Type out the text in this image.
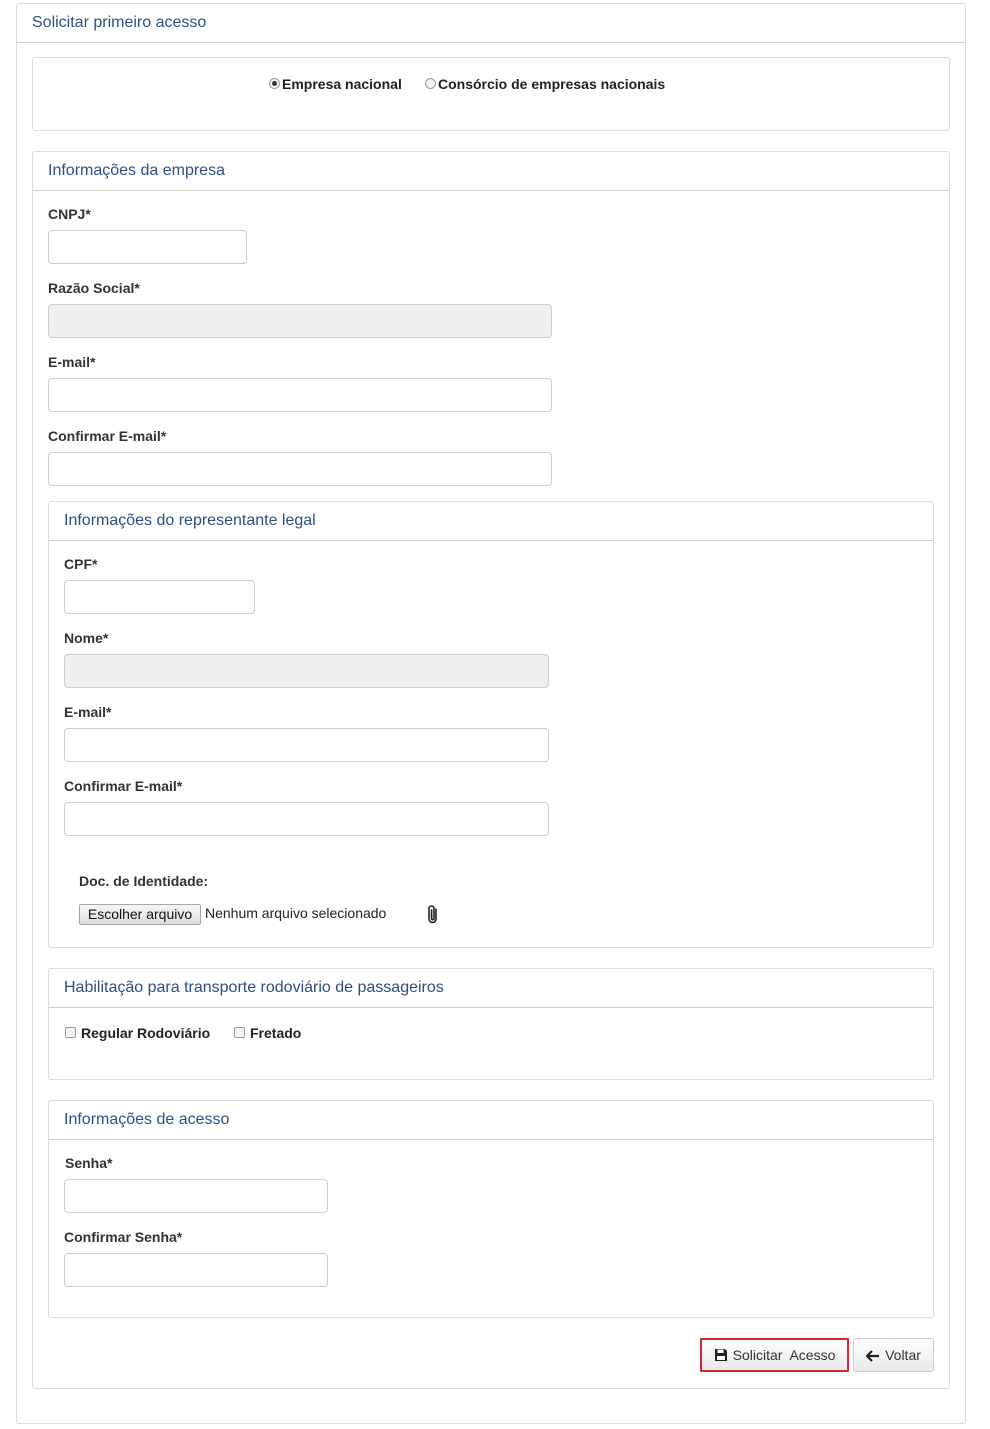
Solicitar primeiro acesso
Empresa nacional	Consórcio de empresas nacionais
Informações da empresa
CNPJ*
Razão Social*
E-mail*
Confirmar E-mail*
Informações do representante legal
CPF*
Nome*
E-mail*
Confirmar E-mail*
Doc. de Identidade:
Escolher arquivo Nenhum arquivo selecionado
Habilitação para transporte rodoviário de passageiros
Regular Rodoviário	Fretado
Informações de acesso
Senha*
Confirmar Senha*
Solicitar  Acesso	Voltar
